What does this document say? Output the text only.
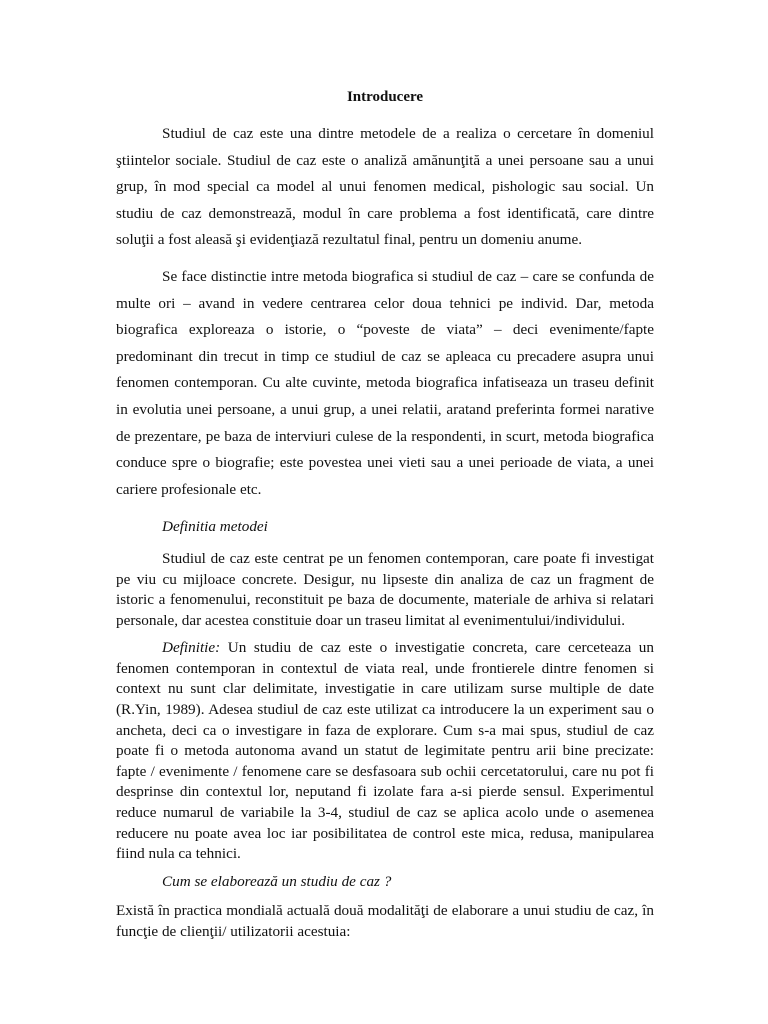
Introducere

Studiul de caz este una dintre metodele de a realiza o cercetare în domeniul ştiintelor sociale. Studiul de caz este o analiză amănunţită a unei persoane sau a unui grup, în mod special ca model al unui fenomen medical, pishologic sau social. Un studiu de caz demonstrează, modul în care problema a fost identificată, care dintre soluţii a fost aleasă şi evidenţiază rezultatul final, pentru un domeniu anume.

Se face distinctie intre metoda biografica si studiul de caz – care se confunda de multe ori – avand in vedere centrarea celor doua tehnici pe individ. Dar, metoda biografica exploreaza o istorie, o “poveste de viata” – deci evenimente/fapte predominant din trecut in timp ce studiul de caz se apleaca cu precadere asupra unui fenomen contemporan. Cu alte cuvinte, metoda biografica infatiseaza un traseu definit in evolutia unei persoane, a unui grup, a unei relatii, aratand preferinta formei narative de prezentare, pe baza de interviuri culese de la respondenti, in scurt, metoda biografica conduce spre o biografie; este povestea unei vieti sau a unei perioade de viata, a unei cariere profesionale etc.

Definitia metodei

Studiul de caz este centrat pe un fenomen contemporan, care poate fi investigat pe viu cu mijloace concrete. Desigur, nu lipseste din analiza de caz un fragment de istoric a fenomenului, reconstituit pe baza de documente, materiale de arhiva si relatari personale, dar acestea constituie doar un traseu limitat al evenimentului/individului.

Definitie: Un studiu de caz este o investigatie concreta, care cerceteaza un fenomen contemporan in contextul de viata real, unde frontierele dintre fenomen si context nu sunt clar delimitate, investigatie in care utilizam surse multiple de date (R.Yin, 1989). Adesea studiul de caz este utilizat ca introducere la un experiment sau o ancheta, deci ca o investigare in faza de explorare. Cum s-a mai spus, studiul de caz poate fi o metoda autonoma avand un statut de legimitate pentru arii bine precizate: fapte / evenimente / fenomene care se desfasoara sub ochii cercetatorului, care nu pot fi desprinse din contextul lor, neputand fi izolate fara a-si pierde sensul. Experimentul reduce numarul de variabile la 3-4, studiul de caz se aplica acolo unde o asemenea reducere nu poate avea loc iar posibilitatea de control este mica, redusa, manipularea fiind nula ca tehnici.

Cum se elaborează un studiu de caz ?

Există în practica mondială actuală două modalităţi de elaborare a unui studiu de caz, în funcţie de clienţii/ utilizatorii acestuia:
